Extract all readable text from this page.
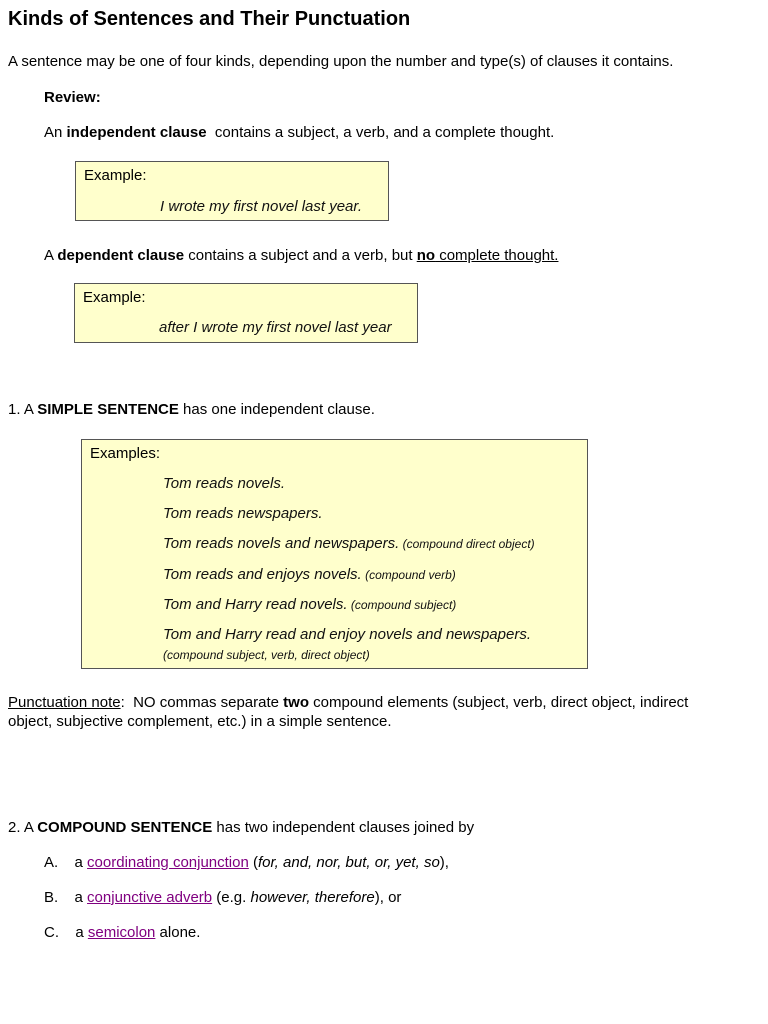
Kinds of Sentences and Their Punctuation
A sentence may be one of four kinds, depending upon the number and type(s) of clauses it contains.
Review:
An independent clause  contains a subject, a verb, and a complete thought.
Example:
I wrote my first novel last year.
A dependent clause contains a subject and a verb, but no complete thought.
Example:
after I wrote my first novel last year
1. A SIMPLE SENTENCE has one independent clause.
Examples:
Tom reads novels.
Tom reads newspapers.
Tom reads novels and newspapers. (compound direct object)
Tom reads and enjoys novels. (compound verb)
Tom and Harry read novels. (compound subject)
Tom and Harry read and enjoy novels and newspapers.
(compound subject, verb, direct object)
Punctuation note:  NO commas separate two compound elements (subject, verb, direct object, indirect
object, subjective complement, etc.) in a simple sentence.
2. A COMPOUND SENTENCE has two independent clauses joined by
A. a coordinating conjunction (for, and, nor, but, or, yet, so),
B. a conjunctive adverb (e.g. however, therefore), or
C. a semicolon alone.
